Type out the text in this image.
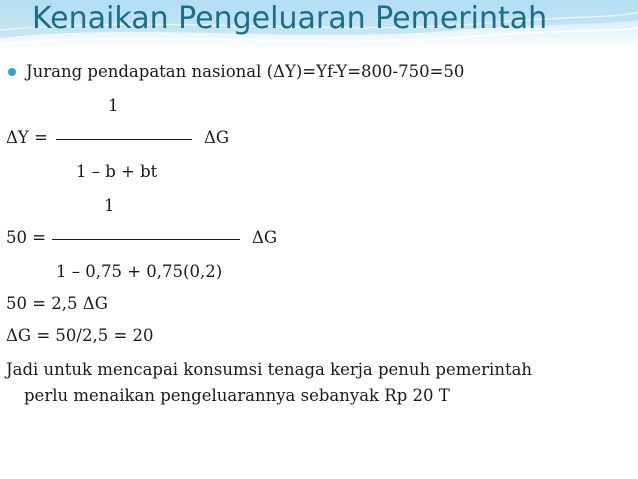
Kenaikan Pengeluaran Pemerintah
Jurang pendapatan nasional (ΔY)=Yf-Y=800-750=50
1
ΔY =	ΔG
1 – b + bt
1
50 =	ΔG
1 – 0,75 + 0,75(0,2)
50 = 2,5 ΔG
ΔG = 50/2,5 = 20
Jadi untuk mencapai konsumsi tenaga kerja penuh pemerintah
perlu menaikan pengeluarannya sebanyak Rp 20 T
